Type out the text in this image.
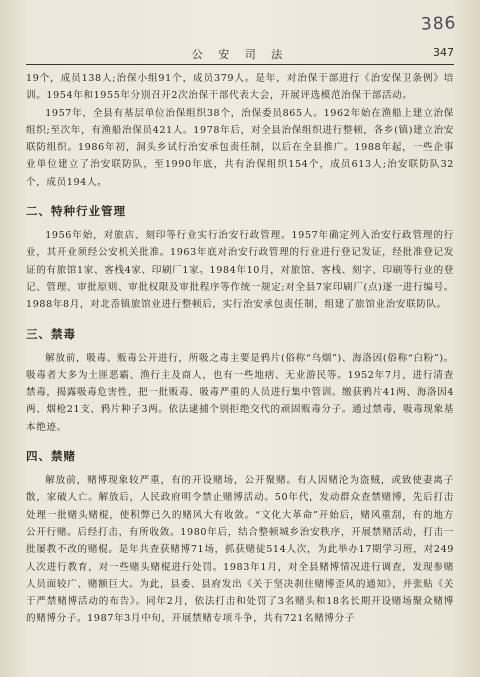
386
公 安 司 法	347

19个，成员138人;治保小组91个，成员379人。是年，对治保干部进行《治安保卫条例》培训。1954年和1955年分别召开2次治保干部代表大会，开展评选模范治保干部活动。

1957年，全县有基层单位治保组织38个，治保委员865人。1962年始在渔船上建立治保组织;至次年，有渔船治保员421人。1978年后，对全县治保组织进行整顿，各乡(镇)建立治安联防组织。1986年初，洞头乡试行治安承包责任制，以后在全县推广。1988年起，一些企事业单位建立了治安联防队，至1990年底，共有治保组织154个，成员613人;治安联防队32个，成员194人。

二、特种行业管理

1956年始，对旅店、刻印等行业实行治安行政管理。1957年确定列入治安行政管理的行业，其开业须经公安机关批准。1963年底对治安行政管理的行业进行登记发证，经批准登记发证的有旅馆1家、客栈4家、印刷厂1家。1984年10月，对旅馆、客栈、刻字、印刷等行业的登记、管理、审批原则、审批权限及审批程序等作统一规定;对全县7家印刷厂(点)逐一进行编号。1988年8月，对北岙镇旅馆业进行整顿后，实行治安承包责任制，组建了旅馆业治安联防队。

三、禁毒

解放前，吸毒、贩毒公开进行，所吸之毒主要是鸦片(俗称“乌烟”)、海洛因(俗称“白粉”)。吸毒者大多为土匪恶霸、渔行主及商人，也有一些地痞、无业游民等。1952年7月，进行清查禁毒，揭露吸毒危害性，把一批贩毒、吸毒严重的人员进行集中管训。缴获鸦片41两、海洛因4两、烟枪21支、鸦片种子3两。依法逮捕个别拒绝交代的顽固贩毒分子。通过禁毒，吸毒现象基本绝迹。

四、禁赌

解放前，赌博现象较严重，有的开设赌场，公开聚赌。有人因赌沦为盗贼，或致使妻离子散，家破人亡。解放后，人民政府明令禁止赌博活动。50年代，发动群众查禁赌博，先后打击处理一批赌头赌棍，使积弊已久的赌风大有收敛。“文化大革命”开始后，赌风重刮，有的地方公开行赌。后经打击，有所收敛。1980年后，结合整顿城乡治安秩序，开展禁赌活动，打击一批屡教不改的赌棍。是年共查获赌博71场，抓获赌徒514人次，为此举办17期学习班，对249人次进行教育，对一些赌头赌棍进行处罚。1983年1月，对全县赌博情况进行调查，发现参赌人员面较广、赌额巨大。为此，县委、县府发出《关于坚决刹住赌博歪风的通知》，并张贴《关于严禁赌博活动的布告》。同年2月，依法打击和处罚了3名赌头和18名长期开设赌场聚众赌博的赌博分子。1987年3月中旬，开展禁赌专项斗争，共有721名赌博分子
